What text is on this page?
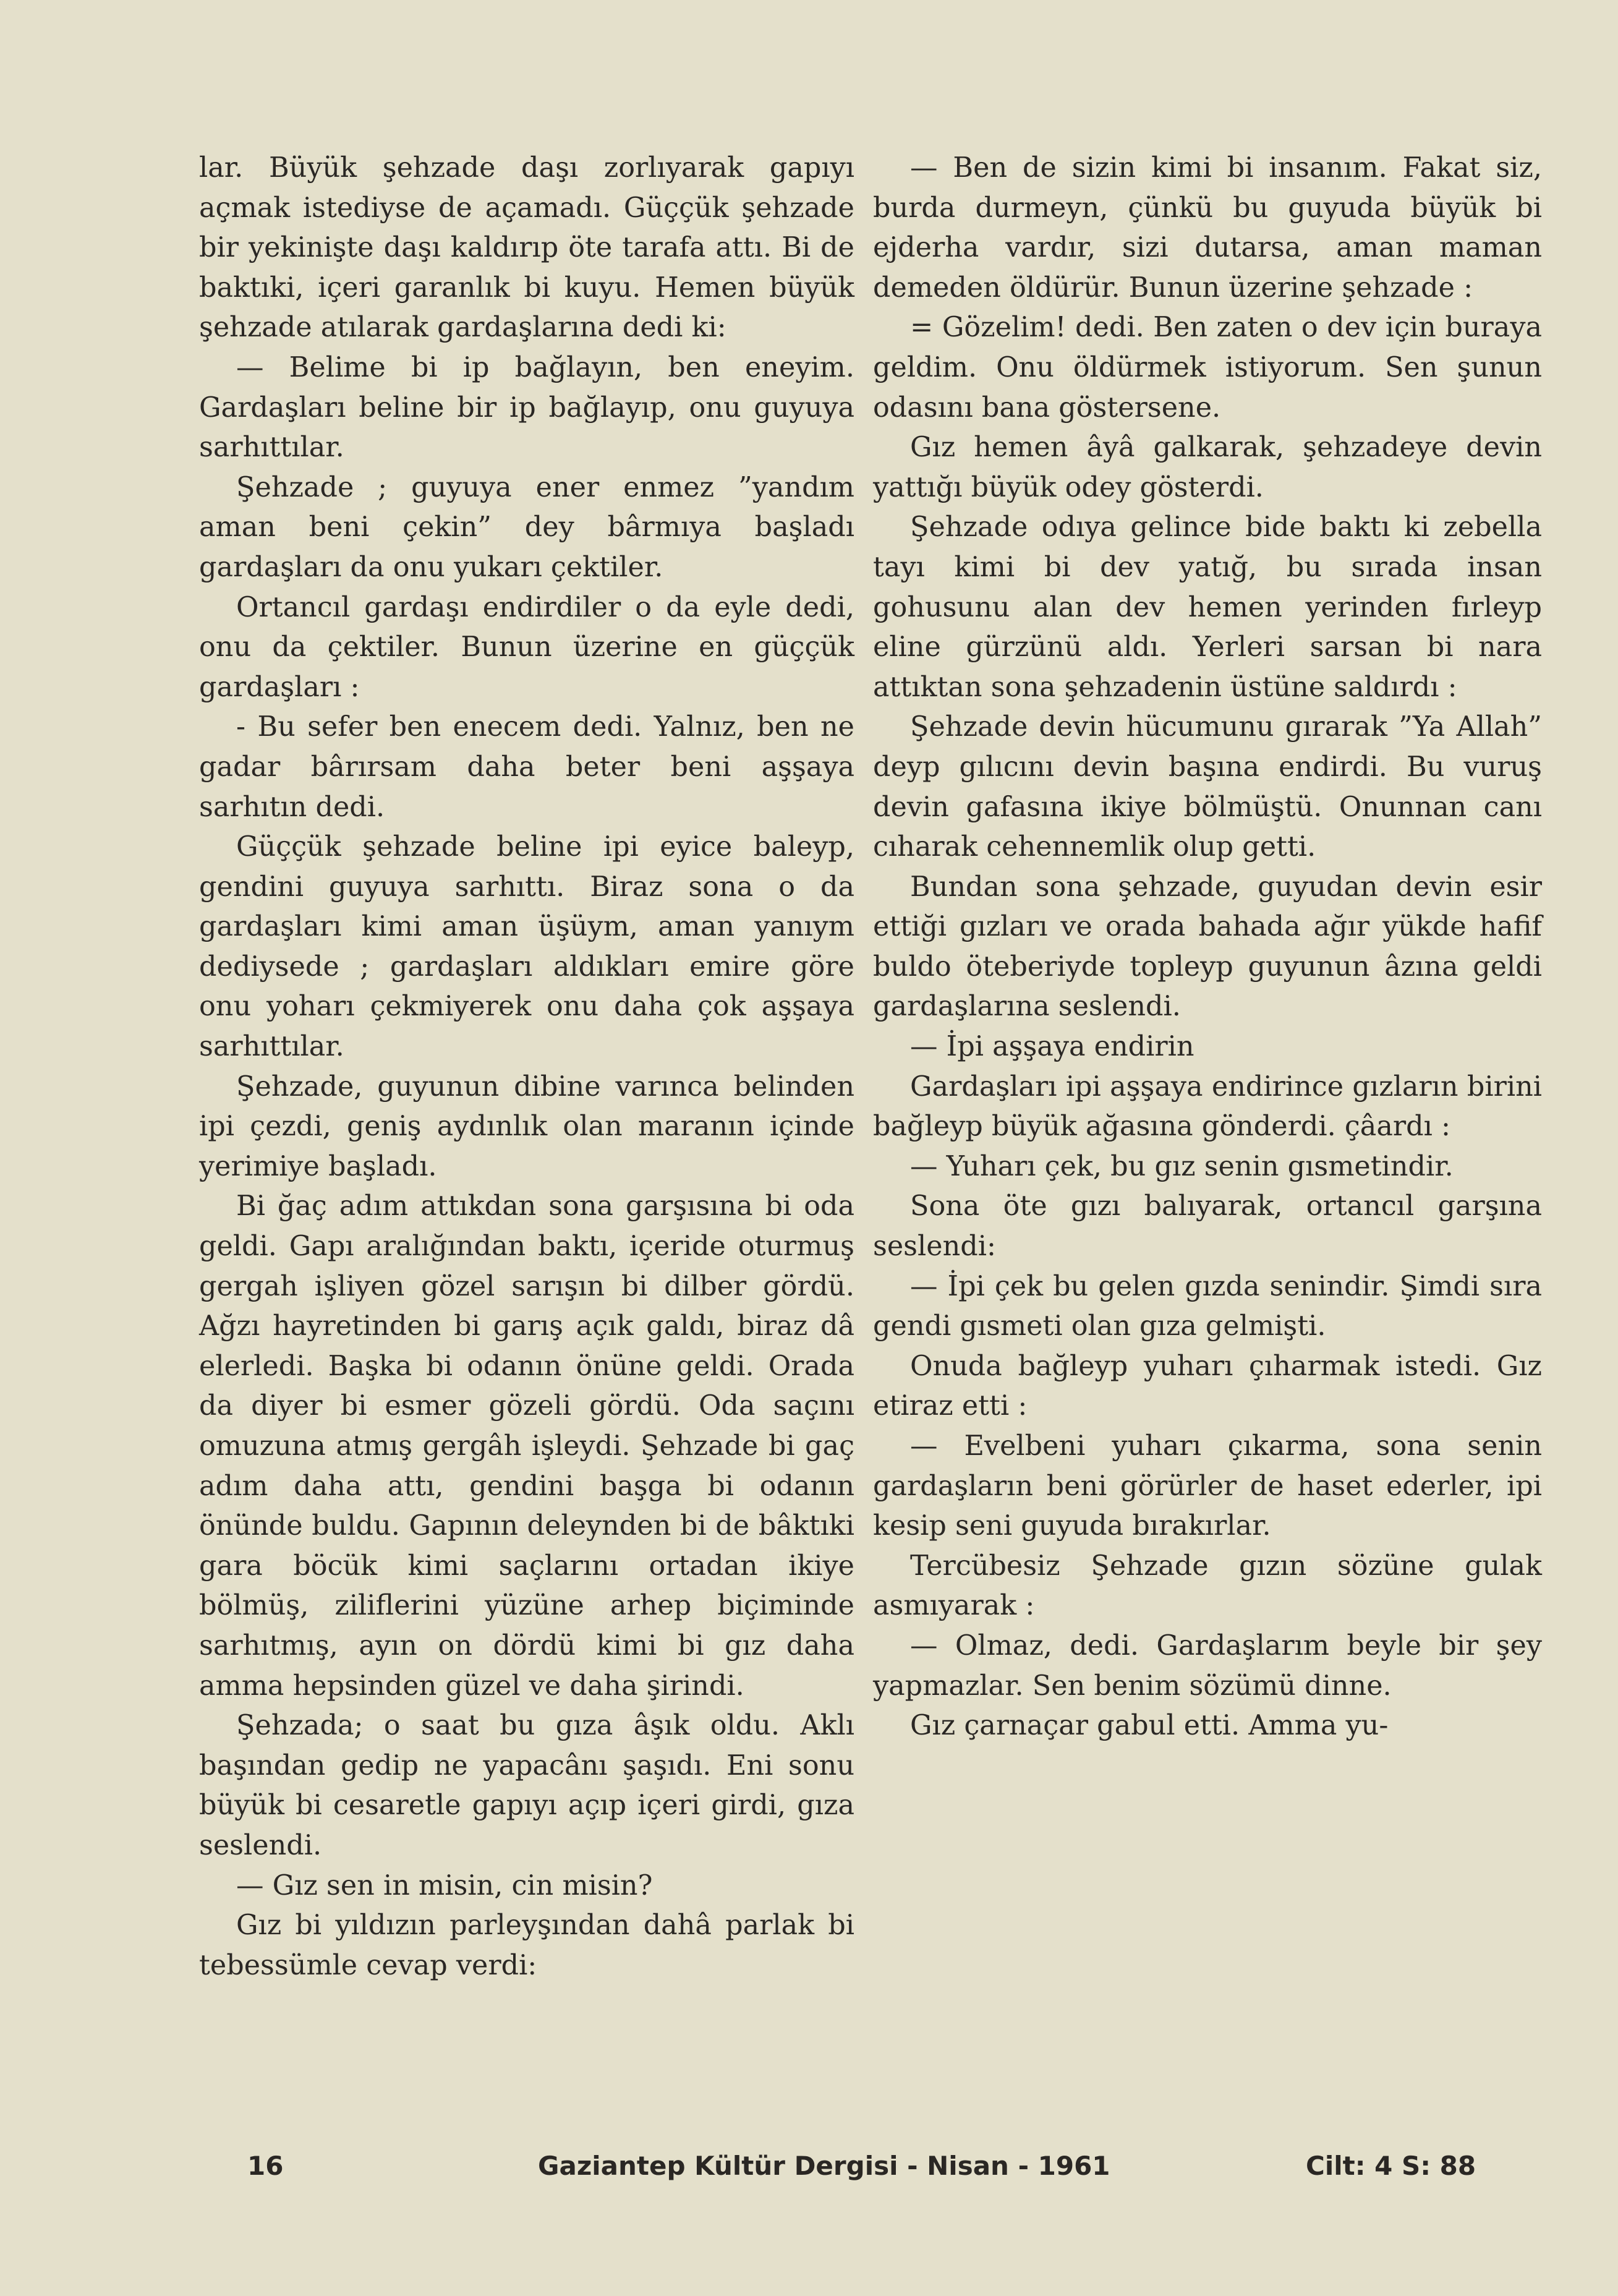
lar. Büyük şehzade daşı zorlıyarak gapıyı açmak istediyse de açamadı. Güççük şehzade bir yekinişte daşı kaldırıp öte tarafa attı. Bi de baktıki, içeri garanlık bi kuyu. Hemen büyük şehzade atılarak gardaşlarına dedi ki:

— Belime bi ip bağlayın, ben eneyim. Gardaşları beline bir ip bağlayıp, onu guyuya sarhıttılar.

Şehzade ; guyuya ener enmez ”yandım aman beni çekin” dey bârmıya başladı gardaşları da onu yukarı çektiler.

Ortancıl gardaşı endirdiler o da eyle dedi, onu da çektiler. Bunun üzerine en güççük gardaşları :

- Bu sefer ben enecem dedi. Yalnız, ben ne gadar bârırsam daha beter beni aşşaya sarhıtın dedi.

Güççük şehzade beline ipi eyice baleyp, gendini guyuya sarhıttı. Biraz sona o da gardaşları kimi aman üşüym, aman yanıym dediysede ; gardaşları aldıkları emire göre onu yoharı çekmiyerek onu daha çok aşşaya sarhıttılar.

Şehzade, guyunun dibine varınca belinden ipi çezdi, geniş aydınlık olan maranın içinde yerimiye başladı.

Bi ğaç adım attıkdan sona garşısına bi oda geldi. Gapı aralığından baktı, içeride oturmuş gergah işliyen gözel sarışın bi dilber gördü. Ağzı hayretinden bi garış açık galdı, biraz dâ elerledi. Başka bi odanın önüne geldi. Orada da diyer bi esmer gözeli gördü. Oda saçını omuzuna atmış gergâh işleydi. Şehzade bi gaç adım daha attı, gendini başga bi odanın önünde buldu. Gapının deleynden bi de bâktıki gara böcük kimi saçlarını ortadan ikiye bölmüş, ziliflerini yüzüne arhep biçiminde sarhıtmış, ayın on dördü kimi bi gız daha amma hepsinden güzel ve daha şirindi.

Şehzada; o saat bu gıza âşık oldu. Aklı başından gedip ne yapacânı şaşıdı. Eni sonu büyük bi cesaretle gapıyı açıp içeri girdi, gıza seslendi.

— Gız sen in misin, cin misin?

Gız bi yıldızın parleyşından dahâ parlak bi tebessümle cevap verdi:

— Ben de sizin kimi bi insanım. Fakat siz, burda durmeyn, çünkü bu guyuda büyük bi ejderha vardır, sizi dutarsa, aman maman demeden öldürür. Bunun üzerine şehzade :

= Gözelim! dedi. Ben zaten o dev için buraya geldim. Onu öldürmek istiyorum. Sen şunun odasını bana göstersene.

Gız hemen âyâ galkarak, şehzadeye devin yattığı büyük odey gösterdi.

Şehzade odıya gelince bide baktı ki zebella tayı kimi bi dev yatığ, bu sırada insan gohusunu alan dev hemen yerinden fırleyp eline gürzünü aldı. Yerleri sarsan bi nara attıktan sona şehzadenin üstüne saldırdı :

Şehzade devin hücumunu gırarak ”Ya Allah” deyp gılıcını devin başına endirdi. Bu vuruş devin gafasına ikiye bölmüştü. Onunnan canı cıharak cehennemlik olup getti.

Bundan sona şehzade, guyudan devin esir ettiği gızları ve orada bahada ağır yükde hafif buldo öteberiyde topleyp guyunun âzına geldi gardaşlarına seslendi.

— İpi aşşaya endirin

Gardaşları ipi aşşaya endirince gızların birini bağleyp büyük ağasına gönderdi. çâardı :

— Yuharı çek, bu gız senin gısmetindir.

Sona öte gızı balıyarak, ortancıl garşına seslendi:

— İpi çek bu gelen gızda senindir. Şimdi sıra gendi gısmeti olan gıza gelmişti.

Onuda bağleyp yuharı çıharmak istedi. Gız etiraz etti :

— Evelbeni yuharı çıkarma, sona senin gardaşların beni görürler de haset ederler, ipi kesip seni guyuda bırakırlar.

Tercübesiz Şehzade gızın sözüne gulak asmıyarak :

— Olmaz, dedi. Gardaşlarım beyle bir şey yapmazlar. Sen benim sözümü dinne.

Gız çarnaçar gabul etti. Amma yu-

16	Gaziantep Kültür Dergisi - Nisan - 1961	Cilt: 4 S: 88
